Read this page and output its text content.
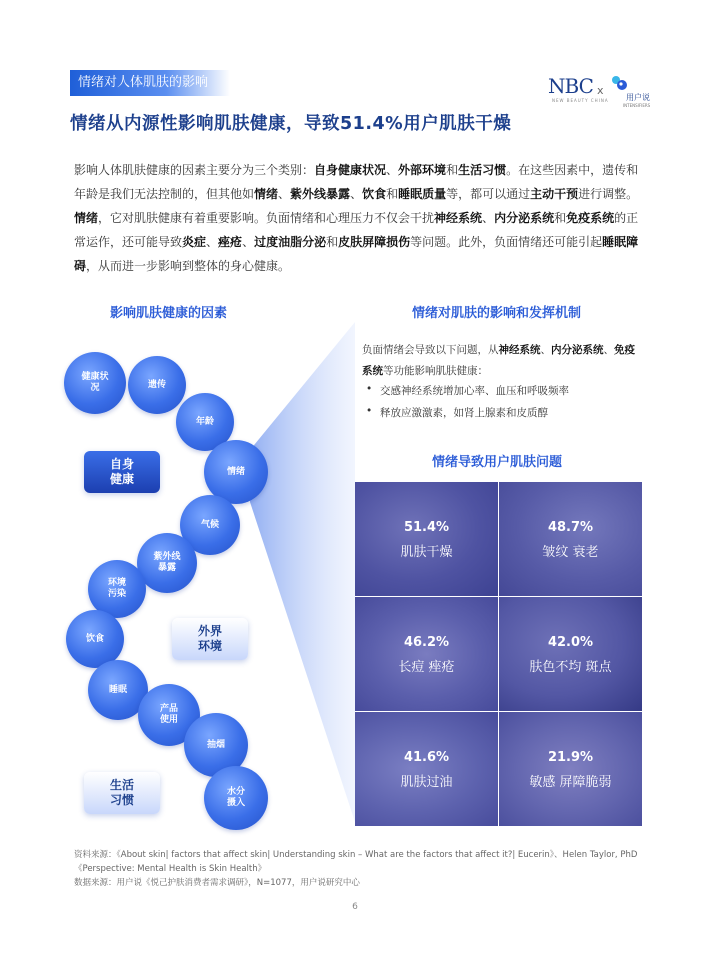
情绪对人体肌肤的影响	NBC
NEW BEAUTY CHINA
x
用户说
INTENSIFIERS
情绪从内源性影响肌肤健康，导致51.4%用户肌肤干燥
影响人体肌肤健康的因素主要分为三个类别：自身健康状况、外部环境和生活习惯。在这些因素中，遗传和年龄是我们无法控制的，但其他如情绪、紫外线暴露、饮食和睡眠质量等，都可以通过主动干预进行调整。情绪，它对肌肤健康有着重要影响。负面情绪和心理压力不仅会干扰神经系统、内分泌系统和免疫系统的正常运作，还可能导致炎症、痤疮、过度油脂分泌和皮肤屏障损伤等问题。此外，负面情绪还可能引起睡眠障碍，从而进一步影响到整体的身心健康。
影响肌肤健康的因素
健康状况	遗传
年龄
情绪
气候
紫外线暴露
环境污染
饮食
睡眠
产品使用
抽烟
水分摄入
自身健康
外界环境
生活习惯
情绪对肌肤的影响和发挥机制
负面情绪会导致以下问题，从神经系统、内分泌系统、免疫系统等功能影响肌肤健康：
• 交感神经系统增加心率、血压和呼吸频率
• 释放应激激素，如肾上腺素和皮质醇
情绪导致用户肌肤问题
51.4%
肌肤干燥
48.7%
皱纹 衰老
46.2%
长痘 痤疮
42.0%
肤色不均 斑点
41.6%
肌肤过油
21.9%
敏感 屏障脆弱
资料来源：《About skin| factors that affect skin| Understanding skin – What are the factors that affect it?| Eucerin》、Helen Taylor, PhD 《Perspective: Mental Health is Skin Health》
数据来源：用户说《悦己护肤消费者需求调研》，N=1077，用户说研究中心
6
